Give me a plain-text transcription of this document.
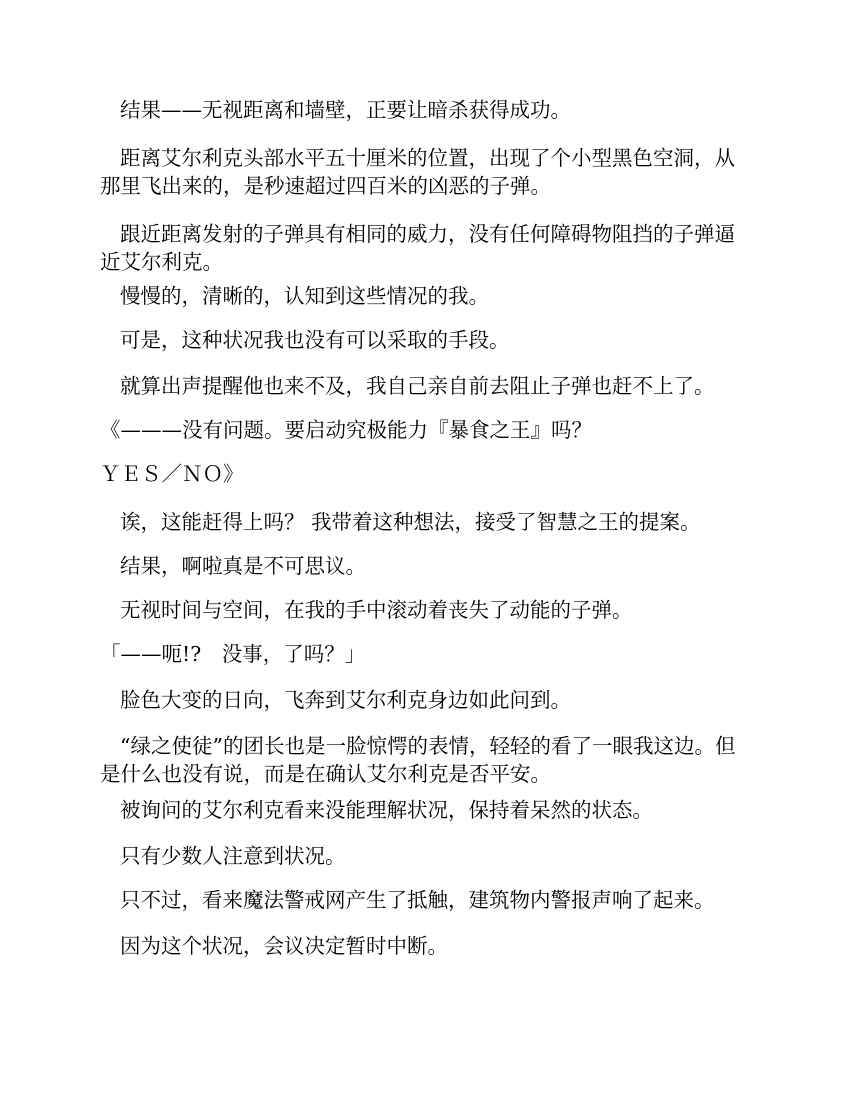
结果——无视距离和墙壁，正要让暗杀获得成功。

距离艾尔利克头部水平五十厘米的位置，出现了个小型黑色空洞，从
那里飞出来的，是秒速超过四百米的凶恶的子弹。

跟近距离发射的子弹具有相同的威力，没有任何障碍物阻挡的子弹逼
近艾尔利克。

慢慢的，清晰的，认知到这些情况的我。

可是，这种状况我也没有可以采取的手段。

就算出声提醒他也来不及，我自己亲自前去阻止子弹也赶不上了。

《———没有问题。要启动究极能力『暴食之王』吗？

ＹＥＳ／ＮＯ》

诶，这能赶得上吗？ 我带着这种想法，接受了智慧之王的提案。

结果，啊啦真是不可思议。

无视时间与空间，在我的手中滚动着丧失了动能的子弹。

「——呃!?　没事，了吗？」

脸色大变的日向，飞奔到艾尔利克身边如此问到。

“绿之使徒”的团长也是一脸惊愕的表情，轻轻的看了一眼我这边。但
是什么也没有说，而是在确认艾尔利克是否平安。

被询问的艾尔利克看来没能理解状况，保持着呆然的状态。

只有少数人注意到状况。

只不过，看来魔法警戒网产生了抵触，建筑物内警报声响了起来。

因为这个状况，会议决定暂时中断。
